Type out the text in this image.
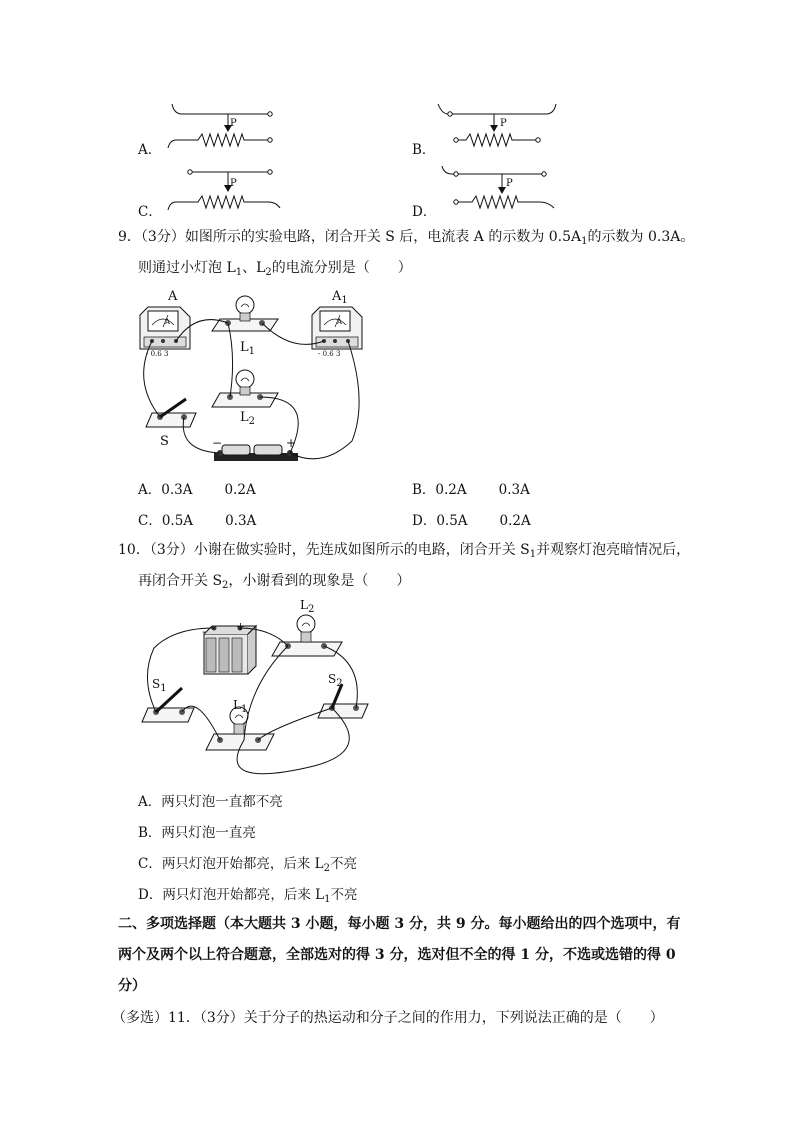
A．	B．
C．	D．
P	P
P	P
9．（3分）如图所示的实验电路，闭合开关 S 后，电流表 A 的示数为 $0.5A_1$的示数为 0.3A。
则通过小灯泡 $L_1$、$L_2$的电流分别是（　　）
A	$A_1$
A	A
- 0.6 3	- 0.6 3
$L_1$
$L_2$
S	−	+
A．0.3A 0.2A	B．0.2A 0.3A
C．0.5A 0.3A	D．0.5A 0.2A
10．（3分）小谢在做实验时，先连成如图所示的电路，闭合开关 $S_1$并观察灯泡亮暗情况后，
再闭合开关 $S_2$，小谢看到的现象是（　　）
-	+
$L_2$
$L_1$
$S_1$
$S_2$
A．两只灯泡一直都不亮
B．两只灯泡一直亮
C．两只灯泡开始都亮，后来 $L_2$不亮
D．两只灯泡开始都亮，后来 $L_1$不亮
二、多项选择题（本大题共 3 小题，每小题 3 分，共 9 分。每小题给出的四个选项中，有
两个及两个以上符合题意，全部选对的得 3 分，选对但不全的得 1 分，不选或选错的得 0
分）
（多选）11．（3分）关于分子的热运动和分子之间的作用力，下列说法正确的是（　　）
